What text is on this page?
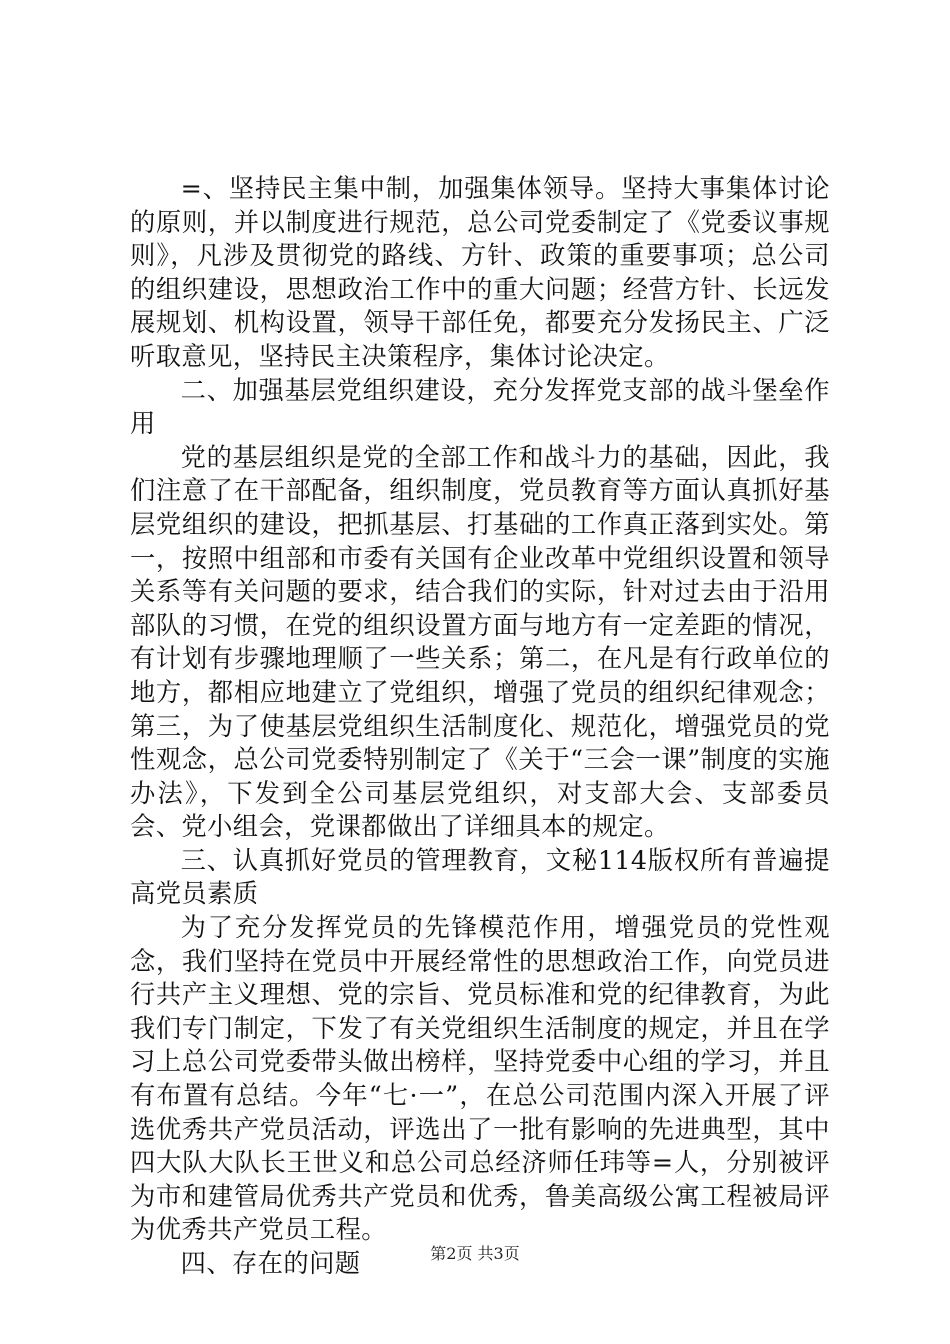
=、坚持民主集中制，加强集体领导。坚持大事集体讨论的原则，并以制度进行规范，总公司党委制定了《党委议事规则》，凡涉及贯彻党的路线、方针、政策的重要事项；总公司的组织建设，思想政治工作中的重大问题；经营方针、长远发展规划、机构设置，领导干部任免，都要充分发扬民主、广泛听取意见，坚持民主决策程序，集体讨论决定。

二、加强基层党组织建设，充分发挥党支部的战斗堡垒作用

党的基层组织是党的全部工作和战斗力的基础，因此，我们注意了在干部配备，组织制度，党员教育等方面认真抓好基层党组织的建设，把抓基层、打基础的工作真正落到实处。第一，按照中组部和市委有关国有企业改革中党组织设置和领导关系等有关问题的要求，结合我们的实际，针对过去由于沿用部队的习惯，在党的组织设置方面与地方有一定差距的情况，有计划有步骤地理顺了一些关系；第二，在凡是有行政单位的地方，都相应地建立了党组织，增强了党员的组织纪律观念；第三，为了使基层党组织生活制度化、规范化，增强党员的党性观念，总公司党委特别制定了《关于“三会一课”制度的实施办法》，下发到全公司基层党组织，对支部大会、支部委员会、党小组会，党课都做出了详细具本的规定。

三、认真抓好党员的管理教育，文秘114版权所有普遍提高党员素质

为了充分发挥党员的先锋模范作用，增强党员的党性观念，我们坚持在党员中开展经常性的思想政治工作，向党员进行共产主义理想、党的宗旨、党员标准和党的纪律教育，为此我们专门制定，下发了有关党组织生活制度的规定，并且在学习上总公司党委带头做出榜样，坚持党委中心组的学习，并且有布置有总结。今年“七·一”，在总公司范围内深入开展了评选优秀共产党员活动，评选出了一批有影响的先进典型，其中四大队大队长王世义和总公司总经济师任玮等=人，分别被评为市和建管局优秀共产党员和优秀，鲁美高级公寓工程被局评为优秀共产党员工程。

四、存在的问题	第2页 共3页
